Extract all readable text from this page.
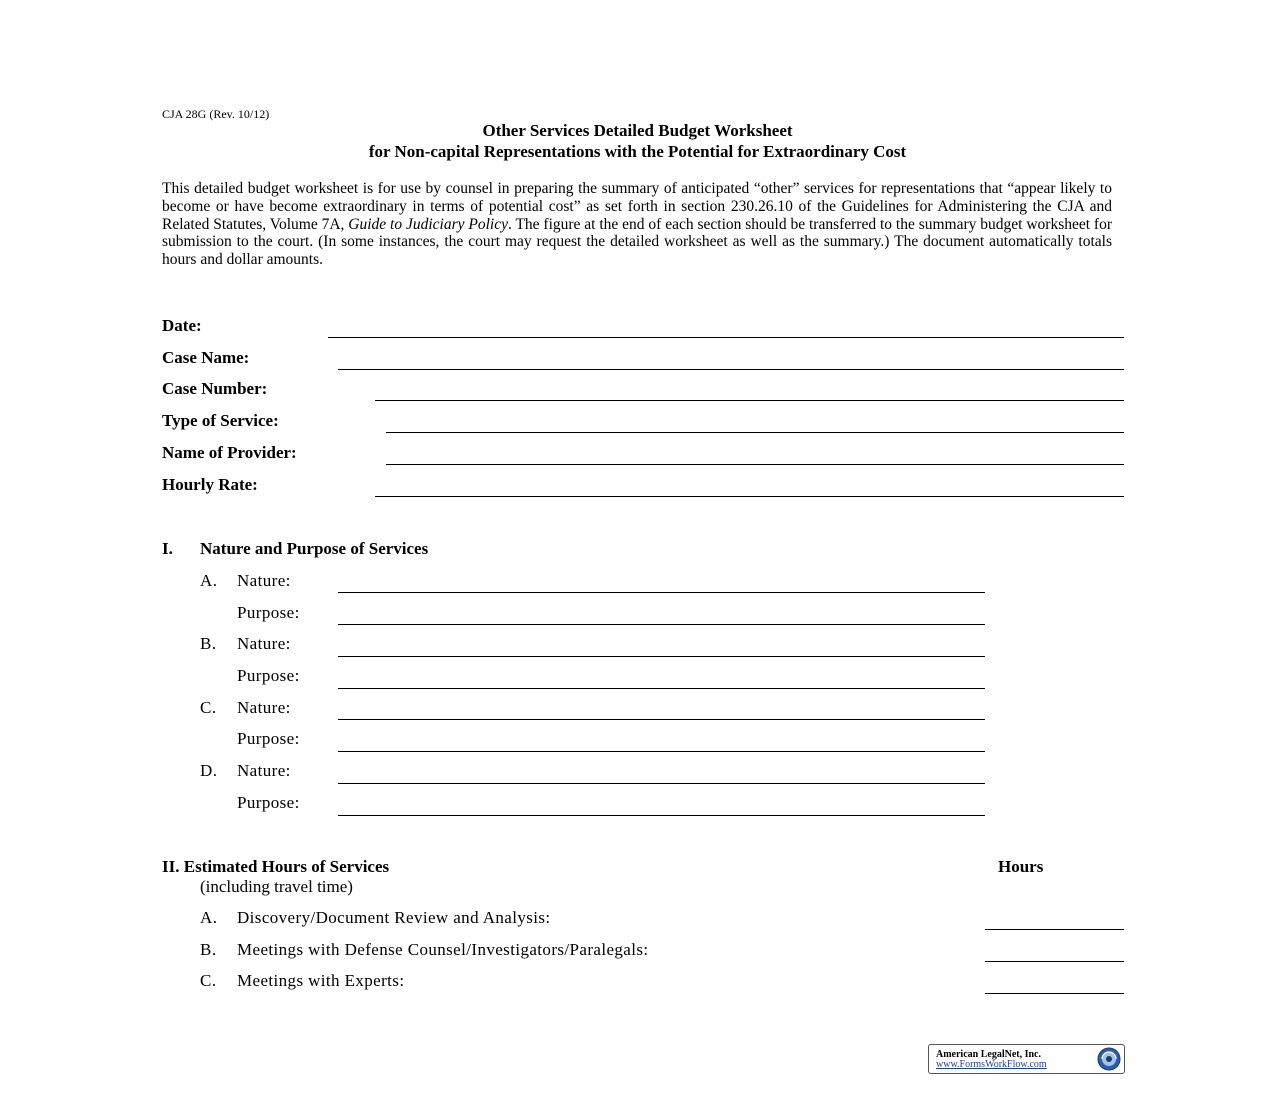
CJA 28G (Rev. 10/12)
Other Services Detailed Budget Worksheet
for Non-capital Representations with the Potential for Extraordinary Cost
This detailed budget worksheet is for use by counsel in preparing the summary of anticipated “other” services for representations that “appear likely to become or have become extraordinary in terms of potential cost” as set forth in section 230.26.10 of the Guidelines for Administering the CJA and Related Statutes, Volume 7A, Guide to Judiciary Policy. The figure at the end of each section should be transferred to the summary budget worksheet for submission to the court. (In some instances, the court may request the detailed worksheet as well as the summary.) The document automatically totals hours and dollar amounts.
Date:
Case Name:
Case Number:
Type of Service:
Name of Provider:
Hourly Rate:
I. Nature and Purpose of Services
A. Nature:
Purpose:
B. Nature:
Purpose:
C. Nature:
Purpose:
D. Nature:
Purpose:
II. Estimated Hours of Services	Hours
(including travel time)
A. Discovery/Document Review and Analysis:
B. Meetings with Defense Counsel/Investigators/Paralegals:
C. Meetings with Experts:
American LegalNet, Inc.
www.FormsWorkFlow.com
